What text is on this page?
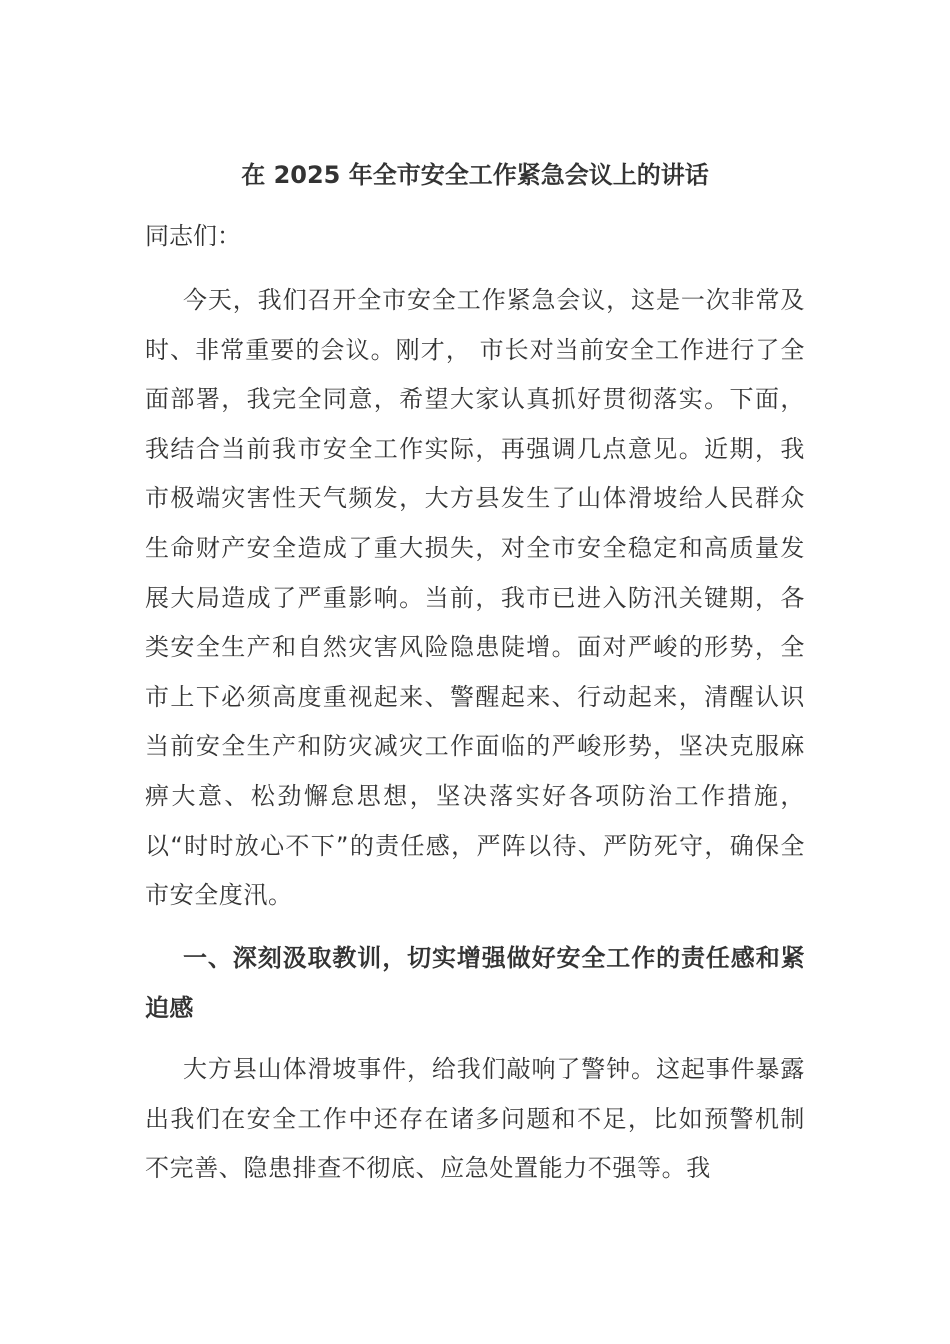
在 2025 年全市安全工作紧急会议上的讲话
同志们：

今天，我们召开全市安全工作紧急会议，这是一次非常及时、非常重要的会议。刚才， 市长对当前安全工作进行了全面部署，我完全同意，希望大家认真抓好贯彻落实。下面，我结合当前我市安全工作实际，再强调几点意见。近期，我市极端灾害性天气频发，大方县发生了山体滑坡给人民群众生命财产安全造成了重大损失，对全市安全稳定和高质量发展大局造成了严重影响。当前，我市已进入防汛关键期，各类安全生产和自然灾害风险隐患陡增。面对严峻的形势，全市上下必须高度重视起来、警醒起来、行动起来，清醒认识当前安全生产和防灾减灾工作面临的严峻形势，坚决克服麻痹大意、松劲懈怠思想，坚决落实好各项防治工作措施，以“时时放心不下”的责任感，严阵以待、严防死守，确保全市安全度汛。

一、深刻汲取教训，切实增强做好安全工作的责任感和紧迫感

大方县山体滑坡事件，给我们敲响了警钟。这起事件暴露出我们在安全工作中还存在诸多问题和不足，比如预警机制不完善、隐患排查不彻底、应急处置能力不强等。我
